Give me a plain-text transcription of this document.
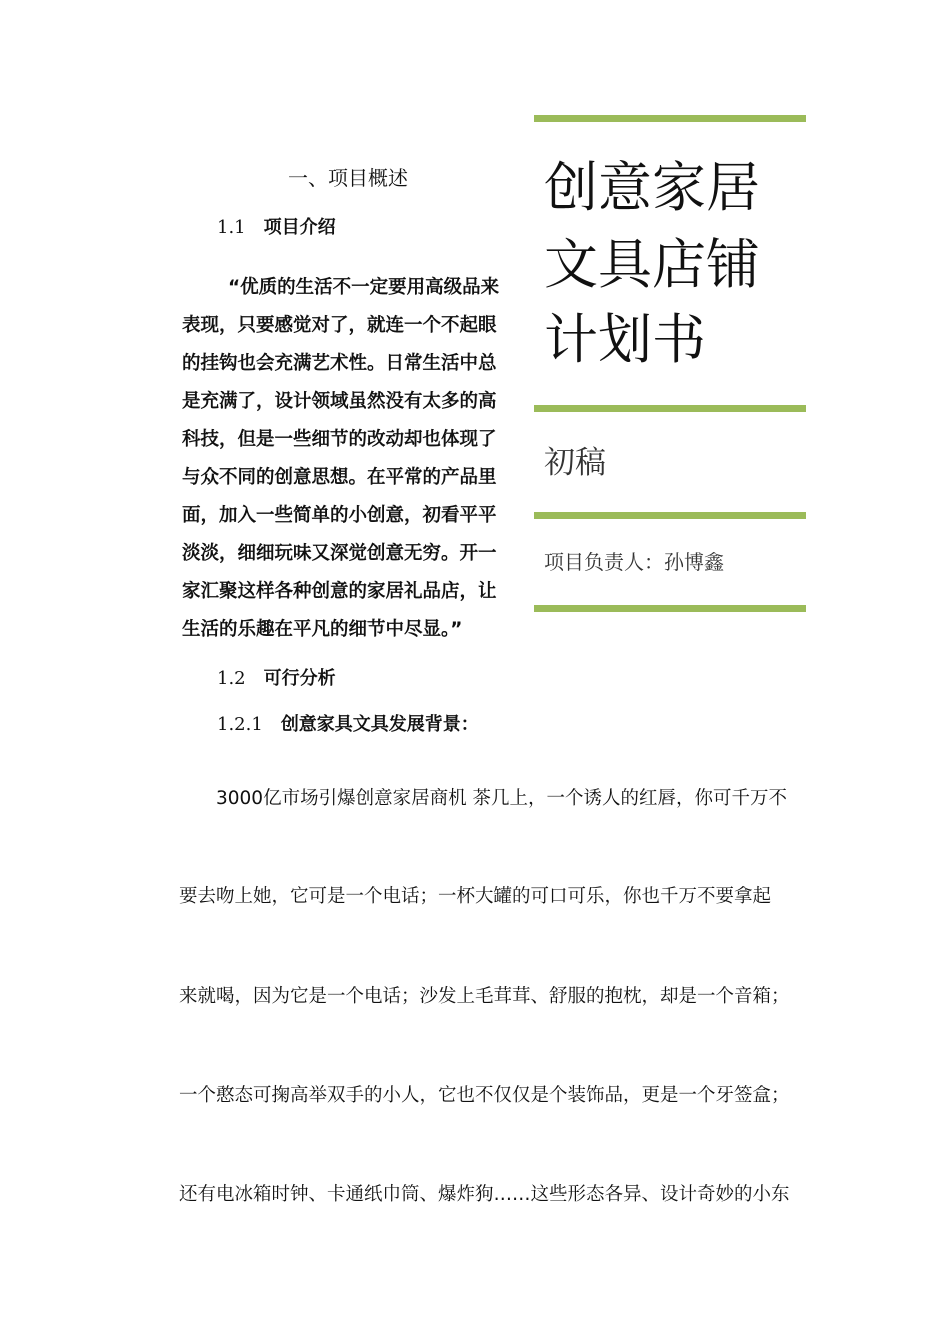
创意家居
文具店铺
计划书
初稿
项目负责人：孙博鑫
一、项目概述
1.1 项目介绍
“优质的生活不一定要用高级品来
表现，只要感觉对了，就连一个不起眼
的挂钩也会充满艺术性。日常生活中总
是充满了，设计领域虽然没有太多的高
科技，但是一些细节的改动却也体现了
与众不同的创意思想。在平常的产品里
面，加入一些简单的小创意，初看平平
淡淡，细细玩味又深觉创意无穷。开一
家汇聚这样各种创意的家居礼品店，让
生活的乐趣在平凡的细节中尽显。”
1.2 可行分析
1.2.1 创意家具文具发展背景：
3000亿市场引爆创意家居商机 茶几上，一个诱人的红唇，你可千万不
要去吻上她，它可是一个电话；一杯大罐的可口可乐，你也千万不要拿起
来就喝，因为它是一个电话；沙发上毛茸茸、舒服的抱枕，却是一个音箱；
一个憨态可掬高举双手的小人，它也不仅仅是个装饰品，更是一个牙签盒；
还有电冰箱时钟、卡通纸巾筒、爆炸狗……这些形态各异、设计奇妙的小东
